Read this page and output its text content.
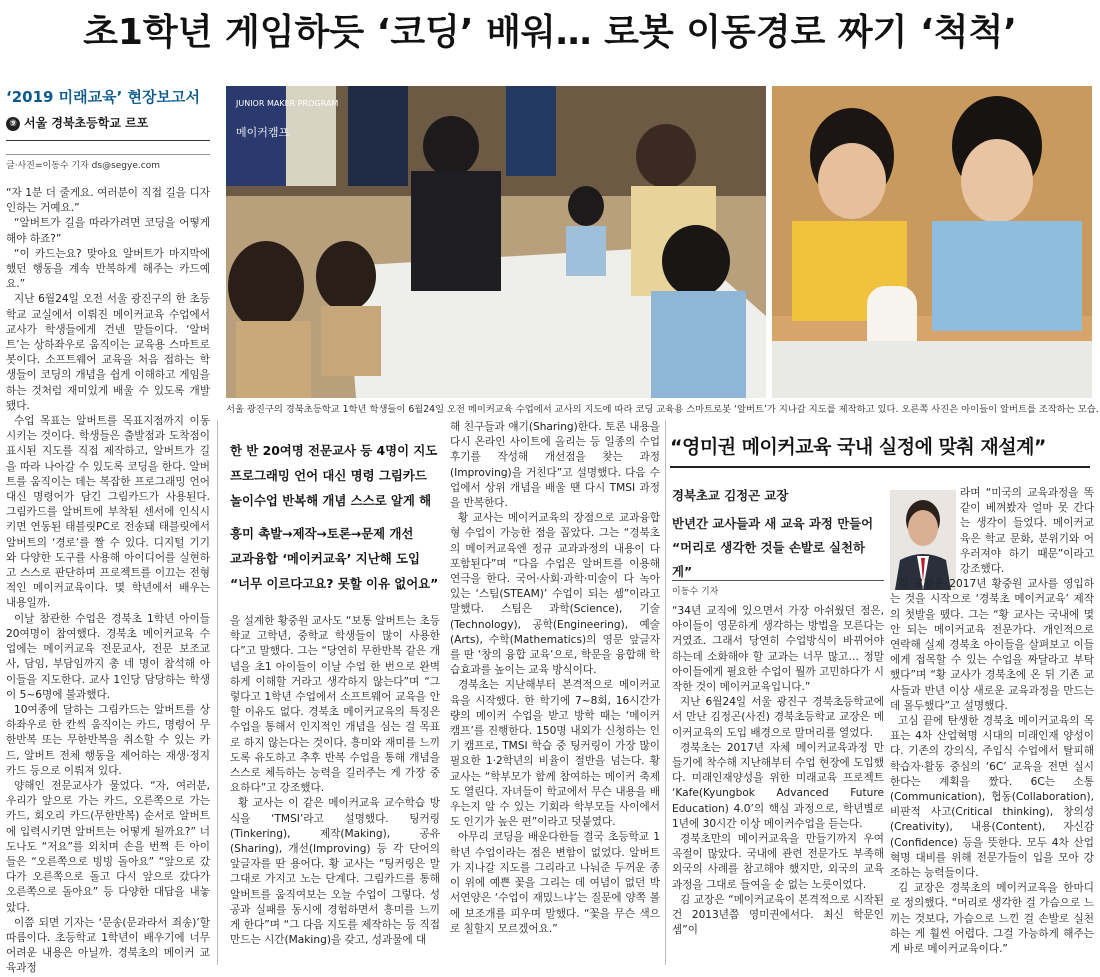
초1학년 게임하듯 ‘코딩’ 배워… 로봇 이동경로 짜기 ‘척척’
‘2019 미래교육’ 현장보고서
⑨ 서울 경북초등학교 르포
글·사진=이동수 기자 ds@segye.com
JUNIOR MAKER PROGRAM
메이커캠프
서울 광진구의 경북초등학교 1학년 학생들이 6월24일 오전 메이커교육 수업에서 교사의 지도에 따라 코딩 교육용 스마트로봇 ‘알버트’가 지나갈 지도를 제작하고 있다. 오른쪽 사진은 아이들이 알버트를 조작하는 모습.

“자 1분 더 줄게요. 여러분이 직접 길을 디자인하는 거예요.”

“알버트가 길을 따라가려면 코딩을 어떻게 해야 하죠?”

“이 카드는요? 맞아요 알버트가 마지막에 했던 행동을 계속 반복하게 해주는 카드예요.”

지난 6월24일 오전 서울 광진구의 한 초등학교 교실에서 이뤄진 메이커교육 수업에서 교사가 학생들에게 건넨 말들이다. ‘알버트’는 상하좌우로 움직이는 교육용 스마트로봇이다. 소프트웨어 교육을 처음 접하는 학생들이 코딩의 개념을 쉽게 이해하고 게임을 하는 것처럼 재미있게 배울 수 있도록 개발됐다.

수업 목표는 알버트를 목표지점까지 이동시키는 것이다. 학생들은 출발점과 도착점이 표시된 지도를 직접 제작하고, 알버트가 길을 따라 나아갈 수 있도록 코딩을 한다. 알버트를 움직이는 데는 복잡한 프로그래밍 언어 대신 명령어가 담긴 그림카드가 사용된다. 그림카드를 알버트에 부착된 센서에 인식시키면 연동된 태블릿PC로 전송돼 태블릿에서 알버트의 ‘경로’를 짤 수 있다. 디지털 기기와 다양한 도구를 사용해 아이디어를 실현하고 스스로 판단하며 프로젝트를 이끄는 전형적인 메이커교육이다. 몇 학년에서 배우는 내용일까.

이날 참관한 수업은 경북초 1학년 아이들 20여명이 참여했다. 경북초 메이커교육 수업에는 메이커교육 전문교사, 전문 보조교사, 담임, 부담임까지 총 네 명이 참석해 아이들을 지도한다. 교사 1인당 담당하는 학생이 5~6명에 불과했다.

10여종에 달하는 그림카드는 알버트를 상하좌우로 한 칸씩 움직이는 카드, 명령어 무한반복 또는 무한반복을 취소할 수 있는 카드, 알버트 전체 행동을 제어하는 재생·정지 카드 등으로 이뤄져 있다.

양해인 전문교사가 물었다. “자, 여러분, 우리가 앞으로 가는 카드, 오른쪽으로 가는 카드, 회오리 카드(무한반복) 순서로 알버트에 입력시키면 알버트는 어떻게 될까요?” 너도나도 “저요”를 외치며 손을 번쩍 든 아이들은 “오른쪽으로 빙빙 돌아요” “앞으로 갔다가 오른쪽으로 돌고 다시 앞으로 갔다가 오른쪽으로 돌아요” 등 다양한 대답을 내놓았다.

이쯤 되면 기자는 ‘문송(문과라서 죄송)’할 따름이다. 초등학교 1학년이 배우기에 너무 어려운 내용은 아닐까. 경북초의 메이커 교육과정

한 반 20여명 전문교사 등 4명이 지도
프로그래밍 언어 대신 명령 그림카드
놀이수업 반복해 개념 스스로 알게 해
흥미 촉발→제작→토론→문제 개선
교과융합 ‘메이커교육’ 지난해 도입
“너무 이르다고요? 못할 이유 없어요”

을 설계한 황중원 교사도 “보통 알버트는 초등학교 고학년, 중학교 학생들이 많이 사용한다”고 말했다. 그는 “당연히 무한반복 같은 개념을 초1 아이들이 이날 수업 한 번으로 완벽하게 이해할 거라고 생각하지 않는다”며 “그렇다고 1학년 수업에서 소프트웨어 교육을 안 할 이유도 없다. 경북초 메이커교육의 특징은 수업을 통해서 인지적인 개념을 심는 걸 목표로 하지 않는다는 것이다. 흥미와 재미를 느끼도록 유도하고 추후 반복 수업을 통해 개념을 스스로 체득하는 능력을 길러주는 게 가장 중요하다”고 강조했다.

황 교사는 이 같은 메이커교육 교수학습 방식을 ‘TMSI’라고 설명했다. 팅커링(Tinkering), 제작(Making), 공유(Sharing), 개선(Improving) 등 각 단어의 앞글자를 딴 용어다. 황 교사는 “팅커링은 말 그대로 가지고 노는 단계다. 그림카드를 통해 알버트를 움직여보는 오늘 수업이 그렇다. 성공과 실패를 동시에 경험하면서 흥미를 느끼게 한다”며 “그 다음 지도를 제작하는 등 직접 만드는 시간(Making)을 갖고, 성과물에 대

해 친구들과 얘기(Sharing)한다. 토론 내용을 다시 온라인 사이트에 올리는 등 일종의 수업 후기를 작성해 개선점을 찾는 과정(Improving)을 거친다”고 설명했다. 다음 수업에서 상위 개념을 배울 땐 다시 TMSI 과정을 반복한다.

황 교사는 메이커교육의 장점으로 교과융합형 수업이 가능한 점을 꼽았다. 그는 “경북초의 메이커교육엔 정규 교과과정의 내용이 다 포함된다”며 “다음 수업은 알버트를 이용해 연극을 한다. 국어·사회·과학·미술이 다 녹아 있는 ‘스팀(STEAM)’ 수업이 되는 셈”이라고 말했다. 스팀은 과학(Science), 기술(Technology), 공학(Engineering), 예술(Arts), 수학(Mathematics)의 영문 앞글자를 딴 ‘창의 융합 교육’으로, 학문을 융합해 학습효과를 높이는 교육 방식이다.

경북초는 지난해부터 본격적으로 메이커교육을 시작했다. 한 학기에 7~8회, 16시간가량의 메이커 수업을 받고 방학 때는 ‘메이커 캠프’를 진행한다. 150명 내외가 신청하는 인기 캠프로, TMSI 학습 중 팅커링이 가장 많이 필요한 1·2학년의 비율이 절반을 넘는다. 황 교사는 “학부모가 함께 참여하는 메이커 축제도 열린다. 자녀들이 학교에서 무슨 내용을 배우는지 알 수 있는 기회라 학부모들 사이에서도 인기가 높은 편”이라고 덧붙였다.

아무리 코딩을 배운다한들 결국 초등학교 1학년 수업이라는 점은 변함이 없었다. 알버트가 지나갈 지도를 그리라고 나눠준 두꺼운 종이 위에 예쁜 꽃을 그리는 데 여념이 없던 박서연양은 ‘수업이 재밌느냐’는 질문에 양쪽 볼에 보조개를 피우며 말했다. “꽃을 무슨 색으로 칠할지 모르겠어요.”

“영미권 메이커교육 국내 실정에 맞춰 재설계”
경북초교 김정곤 교장
반년간 교사들과 새 교육 과정 만들어
“머리로 생각한 것들 손발로 실천하게”
이동수 기자

“34년 교직에 있으면서 가장 아쉬웠던 점은, 아이들이 영문하게 생각하는 방법을 모른다는 거였죠. 그래서 당연히 수업방식이 바뀌어야 하는데 소화해야 할 교과는 너무 많고… 정말 아이들에게 필요한 수업이 뭘까 고민하다가 시작한 것이 메이커교육입니다.”

지난 6월24일 서울 광진구 경북초등학교에서 만난 김정곤(사진) 경북초등학교 교장은 메이커교육의 도입 배경으로 말머리를 열었다.

경북초는 2017년 자체 메이커교육과정 만들기에 착수해 지난해부터 수업 현장에 도입했다. 미래인재양성을 위한 미래교육 프로젝트 ‘Kafe(Kyungbok Advanced Future Education) 4.0’의 핵심 과정으로, 학년별로 1년에 30시간 이상 메이커수업을 듣는다.

경북초만의 메이커교육을 만들기까지 우여곡절이 많았다. 국내에 관련 전문가도 부족해 외국의 사례를 참고해야 했지만, 외국의 교육과정을 그대로 들여올 순 없는 노릇이었다.

김 교장은 “메이커교육이 본격적으로 시작된 건 2013년쯤 영미권에서다. 최신 학문인 셈”이

라며 “미국의 교육과정을 똑같이 베껴봤자 얼마 못 간다는 생각이 들었다. 메이커교육은 학교 문화, 분위기와 어우러져야 하기 때문”이라고 강조했다.

김 교장은 2017년 황중원 교사를 영입하는 것을 시작으로 ‘경북초 메이커교육’ 제작의 첫발을 뗐다. 그는 “황 교사는 국내에 몇 안 되는 메이커교육 전문가다. 개인적으로 연락해 실제 경북초 아이들을 살펴보고 이들에게 접목할 수 있는 수업을 짜달라고 부탁했다”며 “황 교사가 경북초에 온 뒤 기존 교사들과 반년 이상 새로운 교육과정을 만드는 데 몰두했다”고 설명했다.

고심 끝에 탄생한 경북초 메이커교육의 목표는 4차 산업혁명 시대의 미래인재 양성이다. 기존의 강의식, 주입식 수업에서 탈피해 학습자·활동 중심의 ‘6C’ 교육을 전면 실시한다는 계획을 짰다. 6C는 소통(Communication), 협동(Collaboration), 비판적 사고(Critical thinking), 창의성(Creativity), 내용(Content), 자신감(Confidence) 등을 뜻한다. 모두 4차 산업혁명 대비를 위해 전문가들이 입을 모아 강조하는 능력들이다.

김 교장은 경북초의 메이커교육을 한마디로 정의했다. “머리로 생각한 걸 가슴으로 느끼는 것보다, 가슴으로 느낀 걸 손발로 실천하는 게 훨씬 어렵다. 그걸 가능하게 해주는 게 바로 메이커교육이다.”
